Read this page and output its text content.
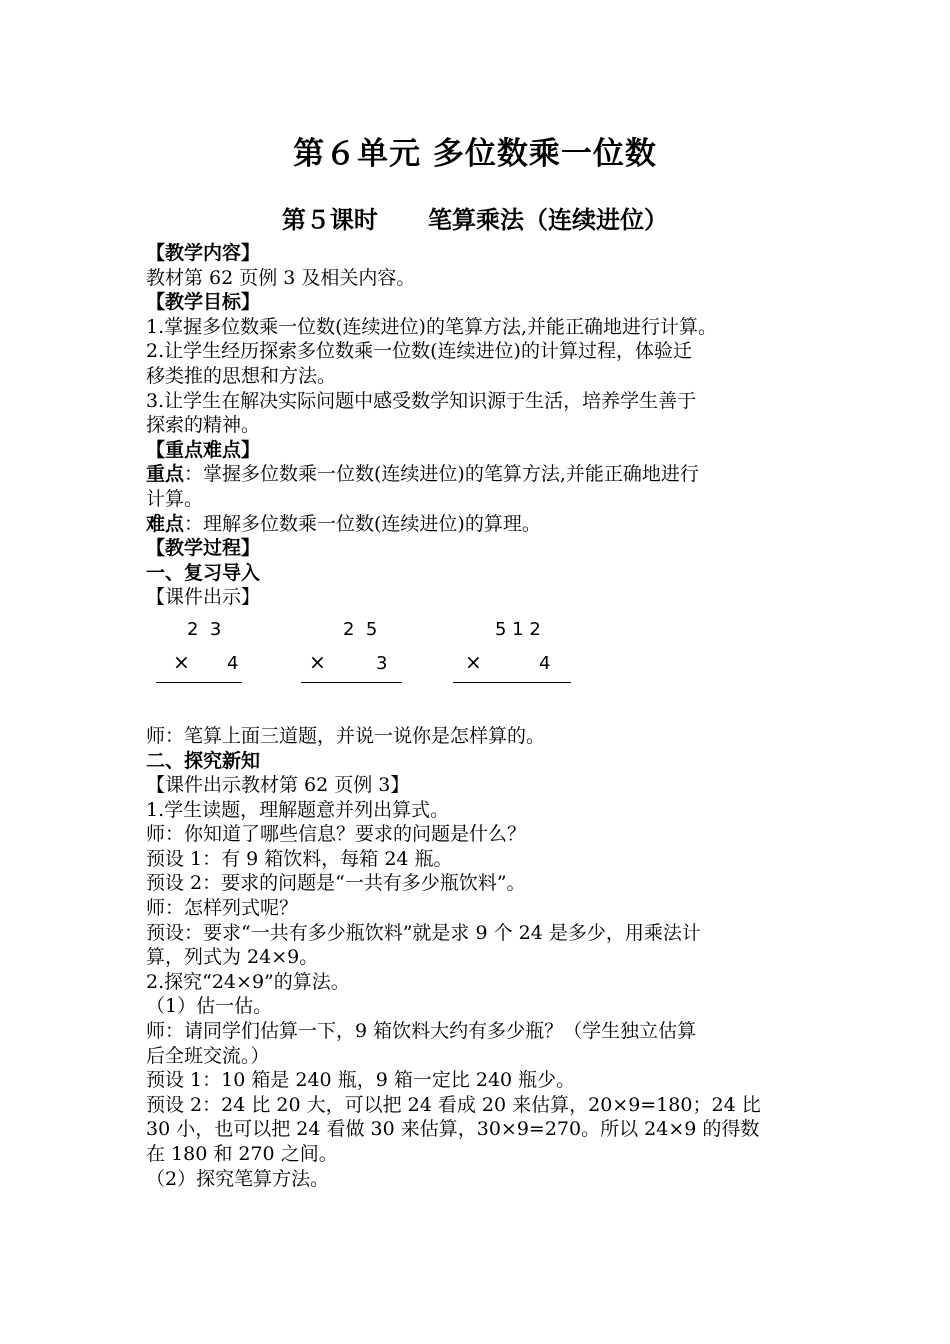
第６单元 多位数乘一位数
第５课时      笔算乘法（连续进位）
【教学内容】
教材第 62 页例 3 及相关内容。
【教学目标】
1.掌握多位数乘一位数(连续进位)的笔算方法,并能正确地进行计算。
2.让学生经历探索多位数乘一位数(连续进位)的计算过程，体验迁
移类推的思想和方法。
3.让学生在解决实际问题中感受数学知识源于生活，培养学生善于
探索的精神。
【重点难点】
重点：掌握多位数乘一位数(连续进位)的笔算方法,并能正确地进行
计算。
难点：理解多位数乘一位数(连续进位)的算理。
【教学过程】
一、复习导入
【课件出示】
2  3
× 4
2  5
×	3
5 1 2
×	4
师：笔算上面三道题，并说一说你是怎样算的。
二、探究新知
【课件出示教材第 62 页例 3】
1.学生读题，理解题意并列出算式。
师：你知道了哪些信息？要求的问题是什么？
预设 1：有 9 箱饮料，每箱 24 瓶。
预设 2：要求的问题是“一共有多少瓶饮料”。
师：怎样列式呢？
预设：要求“一共有多少瓶饮料”就是求 9 个 24 是多少，用乘法计
算，列式为 24×9。
2.探究“24×9”的算法。
（1）估一估。
师：请同学们估算一下，9 箱饮料大约有多少瓶？（学生独立估算
后全班交流。）
预设 1：10 箱是 240 瓶，9 箱一定比 240 瓶少。
预设 2：24 比 20 大，可以把 24 看成 20 来估算，20×9=180；24 比
30 小，也可以把 24 看做 30 来估算，30×9=270。所以 24×9 的得数
在 180 和 270 之间。
（2）探究笔算方法。
